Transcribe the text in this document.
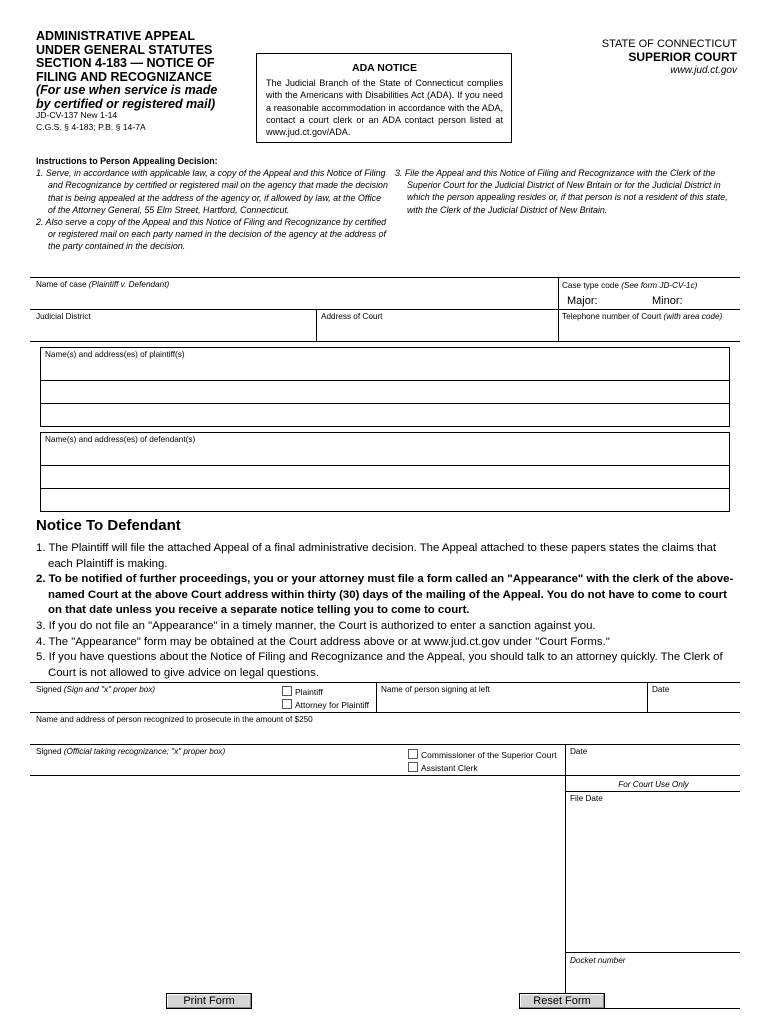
ADMINISTRATIVE APPEAL
UNDER GENERAL STATUTES
SECTION 4-183 — NOTICE OF
FILING AND RECOGNIZANCE
(For use when service is made
by certified or registered mail)
JD-CV-137 New 1-14
C.G.S. § 4-183; P.B. § 14-7A
ADA NOTICE
The Judicial Branch of the State of Connecticut complies with the Americans with Disabilities Act (ADA). If you need a reasonable accommodation in accordance with the ADA, contact a court clerk or an ADA contact person listed at www.jud.ct.gov/ADA.
STATE OF CONNECTICUT
SUPERIOR COURT
www.jud.ct.gov
Instructions to Person Appealing Decision:
1. Serve, in accordance with applicable law, a copy of the Appeal and this Notice of Filing and Recognizance by certified or registered mail on the agency that made the decision that is being appealed at the address of the agency or, if allowed by law, at the Office of the Attorney General, 55 Elm Street, Hartford, Connecticut.
2. Also serve a copy of the Appeal and this Notice of Filing and Recognizance by certified or registered mail on each party named in the decision of the agency at the address of the party contained in the decision.
3. File the Appeal and this Notice of Filing and Recognizance with the Clerk of the Superior Court for the Judicial District of New Britain or for the Judicial District in which the person appealing resides or, if that person is not a resident of this state, with the Clerk of the Judicial District of New Britain.
Name of case (Plaintiff v. Defendant)	Case type code (See form JD-CV-1c)
Major:	Minor:
Judicial District	Address of Court	Telephone number of Court (with area code)
Name(s) and address(es) of plaintiff(s)
Name(s) and address(es) of defendant(s)
Notice To Defendant
1. The Plaintiff will file the attached Appeal of a final administrative decision. The Appeal attached to these papers states the claims that each Plaintiff is making.
2. To be notified of further proceedings, you or your attorney must file a form called an "Appearance" with the clerk of the above-named Court at the above Court address within thirty (30) days of the mailing of the Appeal. You do not have to come to court on that date unless you receive a separate notice telling you to come to court.
3. If you do not file an "Appearance" in a timely manner, the Court is authorized to enter a sanction against you.
4. The "Appearance" form may be obtained at the Court address above or at www.jud.ct.gov under "Court Forms."
5. If you have questions about the Notice of Filing and Recognizance and the Appeal, you should talk to an attorney quickly. The Clerk of Court is not allowed to give advice on legal questions.
Signed (Sign and "x" proper box)	Plaintiff
Attorney for Plaintiff
Name of person signing at left	Date
Name and address of person recognized to prosecute in the amount of $250
Signed (Official taking recognizance; "x" proper box)	Commissioner of the Superior Court
Assistant Clerk
Date
For Court Use Only
File Date
Docket number
Print Form	Reset Form
